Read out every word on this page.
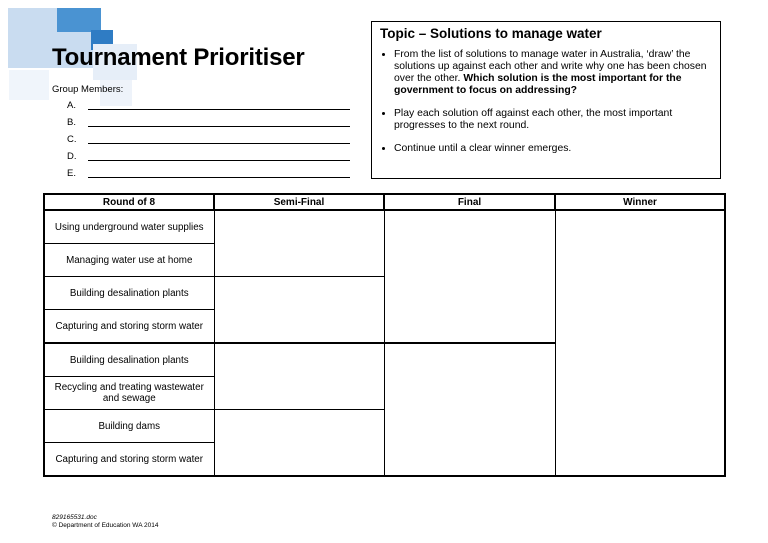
Tournament Prioritiser
Group Members:
A.
B.
C.
D.
E.
Topic – Solutions to manage water
• From the list of solutions to manage water in Australia, ‘draw’ the solutions up against each other and write why one has been chosen over the other. Which solution is the most important for the government to focus on addressing?
• Play each solution off against each other, the most important progresses to the next round.
• Continue until a clear winner emerges.
Round of 8	Semi-Final	Final	Winner
Using underground water supplies			
Managing water use at home			
Building desalination plants			
Capturing and storing storm water			
Building desalination plants			
Recycling and treating wastewater and sewage			
Building dams			
Capturing and storing storm water			
829165531.doc
© Department of Education WA 2014
